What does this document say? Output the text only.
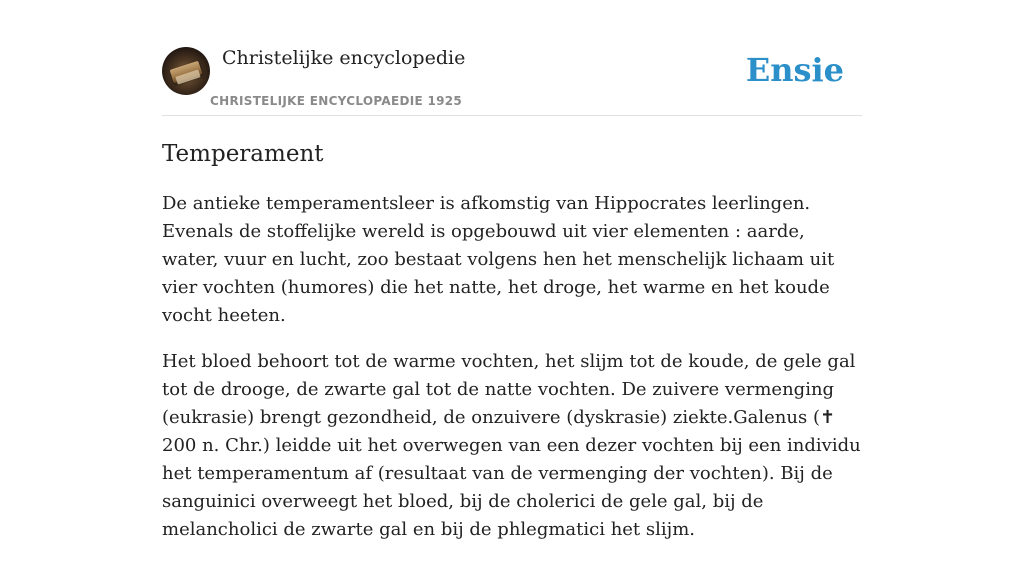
Christelijke encyclopedie
CHRISTELIJKE ENCYCLOPAEDIE 1925
Ensie
Temperament

De antieke temperamentsleer is afkomstig van Hippocrates leerlingen. Evenals de stoffelijke wereld is opgebouwd uit vier elementen : aarde, water, vuur en lucht, zoo bestaat volgens hen het menschelijk lichaam uit vier vochten (humores) die het natte, het droge, het warme en het koude vocht heeten.

Het bloed behoort tot de warme vochten, het slijm tot de koude, de gele gal tot de drooge, de zwarte gal tot de natte vochten. De zuivere vermenging (eukrasie) brengt gezondheid, de onzuivere (dyskrasie) ziekte.Galenus (✝ 200 n. Chr.) leidde uit het overwegen van een dezer vochten bij een individu het temperamentum af (resultaat van de vermenging der vochten). Bij de sanguinici overweegt het bloed, bij de cholerici de gele gal, bij de melancholici de zwarte gal en bij de phlegmatici het slijm.
